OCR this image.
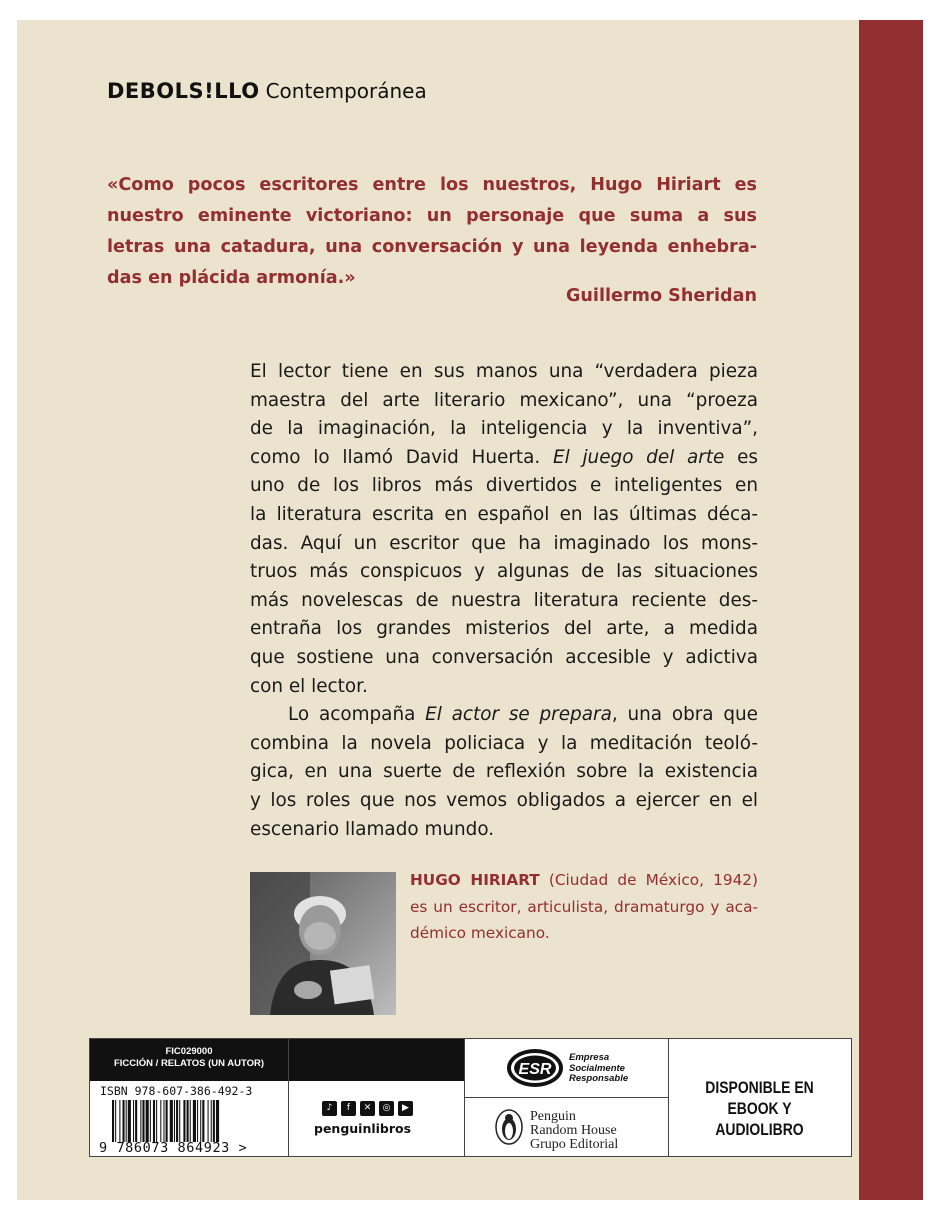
DEBOLS!LLO Contemporánea
«Como pocos escritores entre los nuestros, Hugo Hiriart es
nuestro eminente victoriano: un personaje que suma a sus
letras una catadura, una conversación y una leyenda enhebra-
das en plácida armonía.»
Guillermo Sheridan
El lector tiene en sus manos una “verdadera pieza
maestra del arte literario mexicano”, una “proeza
de la imaginación, la inteligencia y la inventiva”,
como lo llamó David Huerta. El juego del arte es
uno de los libros más divertidos e inteligentes en
la literatura escrita en español en las últimas déca-
das. Aquí un escritor que ha imaginado los mons-
truos más conspicuos y algunas de las situaciones
más novelescas de nuestra literatura reciente des-
entraña los grandes misterios del arte, a medida
que sostiene una conversación accesible y adictiva
con el lector.
Lo acompaña El actor se prepara, una obra que
combina la novela policiaca y la meditación teoló-
gica, en una suerte de reflexión sobre la existencia
y los roles que nos vemos obligados a ejercer en el
escenario llamado mundo.
HUGO HIRIART (Ciudad de México, 1942)
es un escritor, articulista, dramaturgo y aca-
démico mexicano.
FIC029000
FICCIÓN / RELATOS (UN AUTOR)
ISBN 978-607-386-492-3
9 786073 864923 >
♪	f	✕	◎	▶
penguinlibros
ESR
Empresa
Socialmente
Responsable
Penguin
Random House
Grupo Editorial
DISPONIBLE EN
EBOOK Y AUDIOLIBRO
